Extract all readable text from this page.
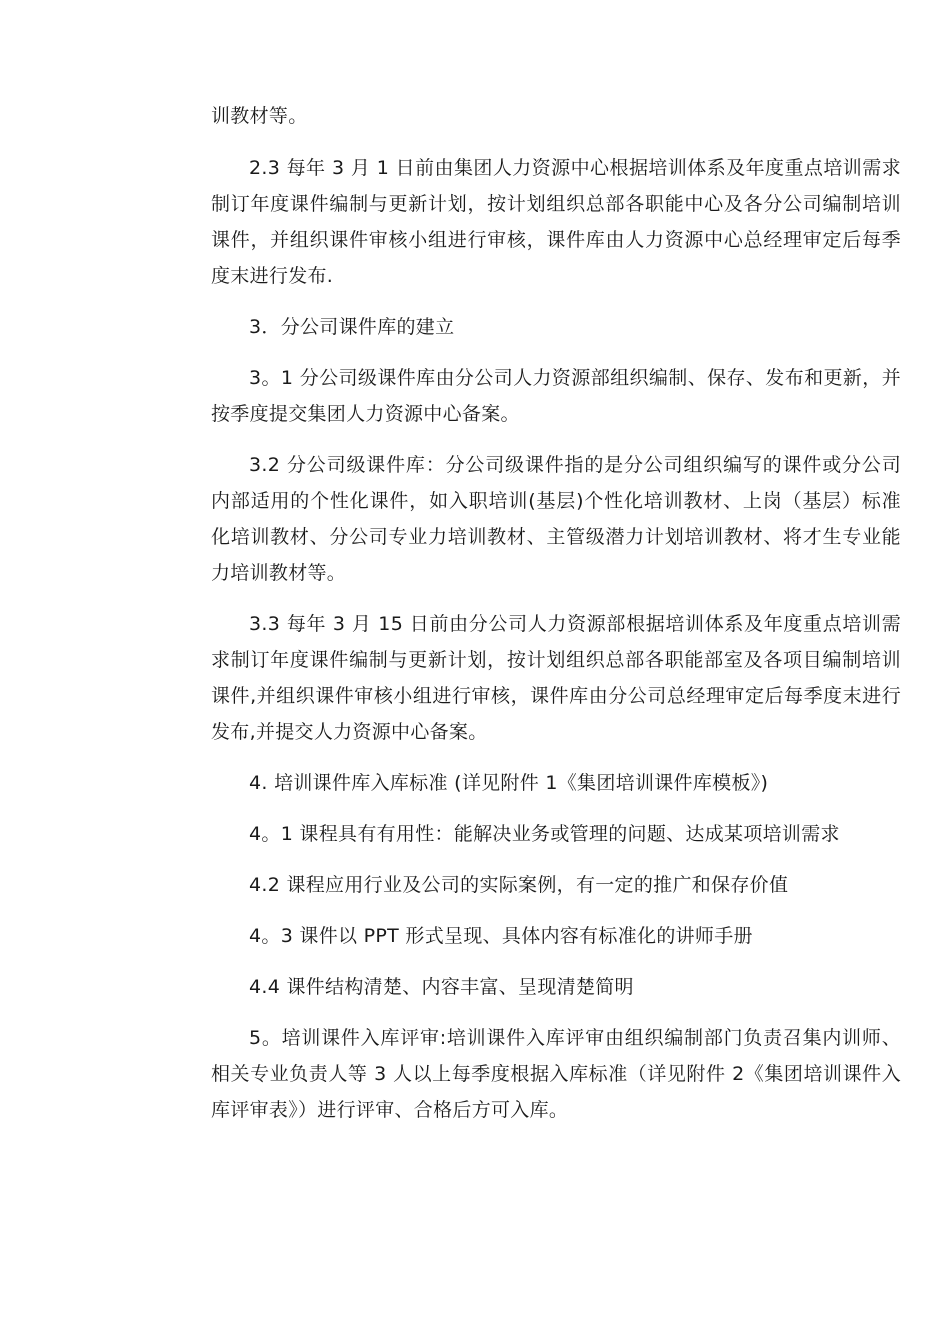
训教材等。

2.3 每年 3 月 1 日前由集团人力资源中心根据培训体系及年度重点培训需求制订年度课件编制与更新计划，按计划组织总部各职能中心及各分公司编制培训课件，并组织课件审核小组进行审核，课件库由人力资源中心总经理审定后每季度末进行发布.

3．分公司课件库的建立

3。1 分公司级课件库由分公司人力资源部组织编制、保存、发布和更新，并按季度提交集团人力资源中心备案。

3.2 分公司级课件库：分公司级课件指的是分公司组织编写的课件或分公司内部适用的个性化课件，如入职培训(基层)个性化培训教材、上岗（基层）标准化培训教材、分公司专业力培训教材、主管级潜力计划培训教材、将才生专业能力培训教材等。

3.3 每年 3 月 15 日前由分公司人力资源部根据培训体系及年度重点培训需求制订年度课件编制与更新计划，按计划组织总部各职能部室及各项目编制培训课件,并组织课件审核小组进行审核，课件库由分公司总经理审定后每季度末进行发布,并提交人力资源中心备案。

4. 培训课件库入库标准 (详见附件 1《集团培训课件库模板》)

4。1 课程具有有用性：能解决业务或管理的问题、达成某项培训需求

4.2 课程应用行业及公司的实际案例，有一定的推广和保存价值

4。3 课件以 PPT 形式呈现、具体内容有标准化的讲师手册

4.4 课件结构清楚、内容丰富、呈现清楚简明

5。培训课件入库评审:培训课件入库评审由组织编制部门负责召集内训师、相关专业负责人等 3 人以上每季度根据入库标准（详见附件 2《集团培训课件入库评审表》）进行评审、合格后方可入库。
